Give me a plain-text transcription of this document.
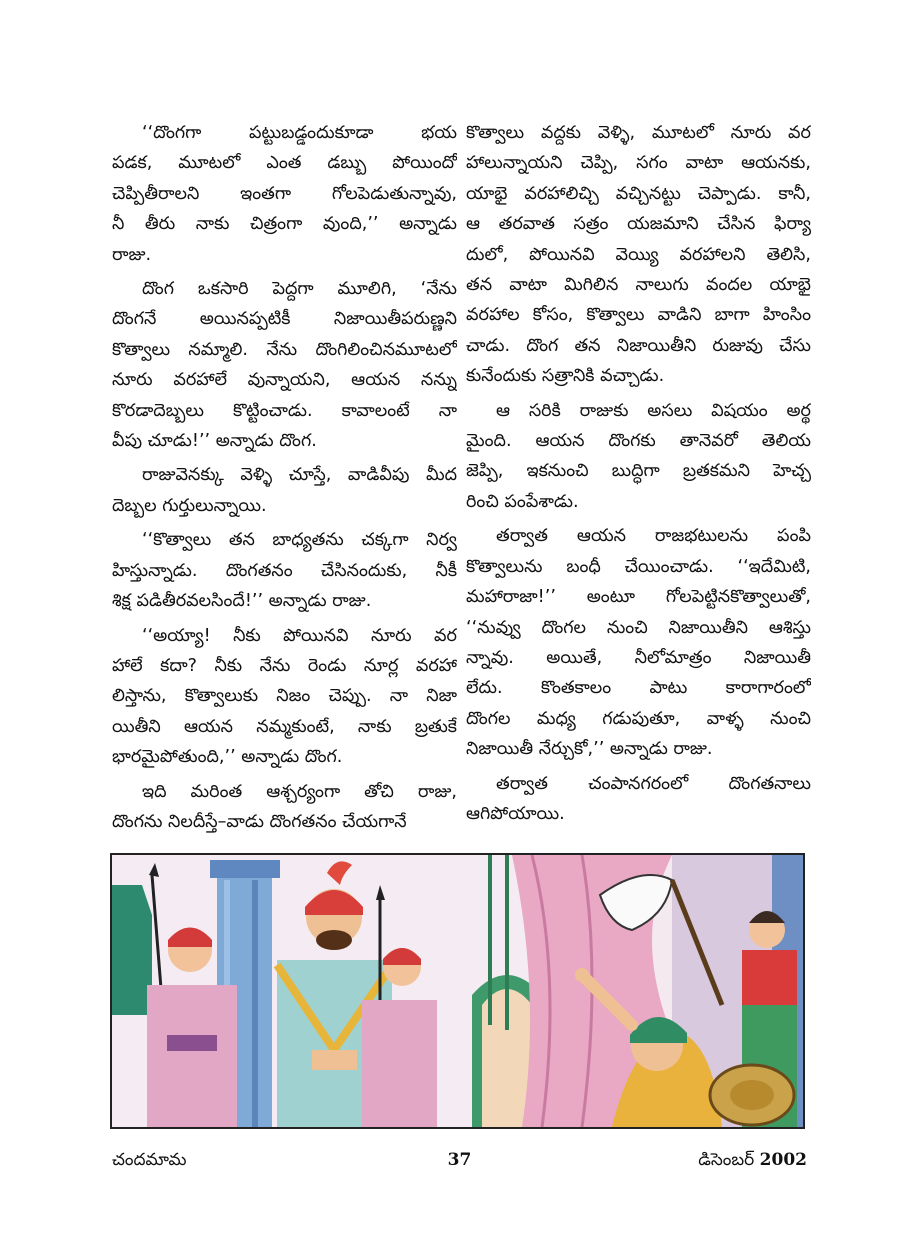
‘‘దొంగగా పట్టుబడ్డందుకూడా భయ
పడక, మూటలో ఎంత డబ్బు పోయిందో
చెప్పితీరాలని ఇంతగా గోలపెడుతున్నావు,
నీ తీరు నాకు చిత్రంగా వుంది,’’ అన్నాడు
రాజు.
దొంగ ఒకసారి పెద్దగా మూలిగి, ‘నేను
దొంగనే అయినప్పటికీ నిజాయితీపరుణ్ణని
కొత్వాలు నమ్మాలి. నేను దొంగిలించినమూటలో
నూరు వరహాలే వున్నాయని, ఆయన నన్ను
కొరడాదెబ్బలు కొట్టించాడు. కావాలంటే నా
వీపు చూడు!’’ అన్నాడు దొంగ.
రాజువెనక్కు వెళ్ళి చూస్తే, వాడివీపు మీద
దెబ్బల గుర్తులున్నాయి.
‘‘కొత్వాలు తన బాధ్యతను చక్కగా నిర్వ
హిస్తున్నాడు. దొంగతనం చేసినందుకు, నీకీ
శిక్ష పడితీరవలసిందే!’’ అన్నాడు రాజు.
‘‘అయ్యా! నీకు పోయినవి నూరు వర
హాలే కదా? నీకు నేను రెండు నూర్ల వరహా
లిస్తాను, కొత్వాలుకు నిజం చెప్పు. నా నిజా
యితీని ఆయన నమ్మకుంటే, నాకు బ్రతుకే
భారమైపోతుంది,’’ అన్నాడు దొంగ.
ఇది మరింత ఆశ్చర్యంగా తోచి రాజు,
దొంగను నిలదీస్తే–వాడు దొంగతనం చేయగానే
కొత్వాలు వద్దకు వెళ్ళి, మూటలో నూరు వర
హాలున్నాయని చెప్పి, సగం వాటా ఆయనకు,
యాభై వరహాలిచ్చి వచ్చినట్టు చెప్పాడు. కానీ,
ఆ తరవాత సత్రం యజమాని చేసిన ఫిర్యా
దులో, పోయినవి వెయ్యి వరహాలని తెలిసి,
తన వాటా మిగిలిన నాలుగు వందల యాభై
వరహాల కోసం, కొత్వాలు వాడిని బాగా హింసిం
చాడు. దొంగ తన నిజాయితీని రుజువు చేసు
కునేందుకు సత్రానికి వచ్చాడు.
ఆ సరికి రాజుకు అసలు విషయం అర్థ
మైంది. ఆయన దొంగకు తానెవరో తెలియ
జెప్పి, ఇకనుంచి బుద్ధిగా బ్రతకమని హెచ్చ
రించి పంపేశాడు.
తర్వాత ఆయన రాజభటులను పంపి
కొత్వాలును బంధీ చేయించాడు. ‘‘ఇదేమిటి,
మహారాజా!’’ అంటూ గోలపెట్టినకొత్వాలుతో,
‘‘నువ్వు దొంగల నుంచి నిజాయితీని ఆశిస్తు
న్నావు. అయితే, నీలోమాత్రం నిజాయితీ
లేదు. కొంతకాలం పాటు కారాగారంలో
దొంగల మధ్య గడుపుతూ, వాళ్ళ నుంచి
నిజాయితీ నేర్చుకో,’’ అన్నాడు రాజు.
తర్వాత చంపానగరంలో దొంగతనాలు
ఆగిపోయాయి.
చందమామ	37	డిసెంబర్ 2002
